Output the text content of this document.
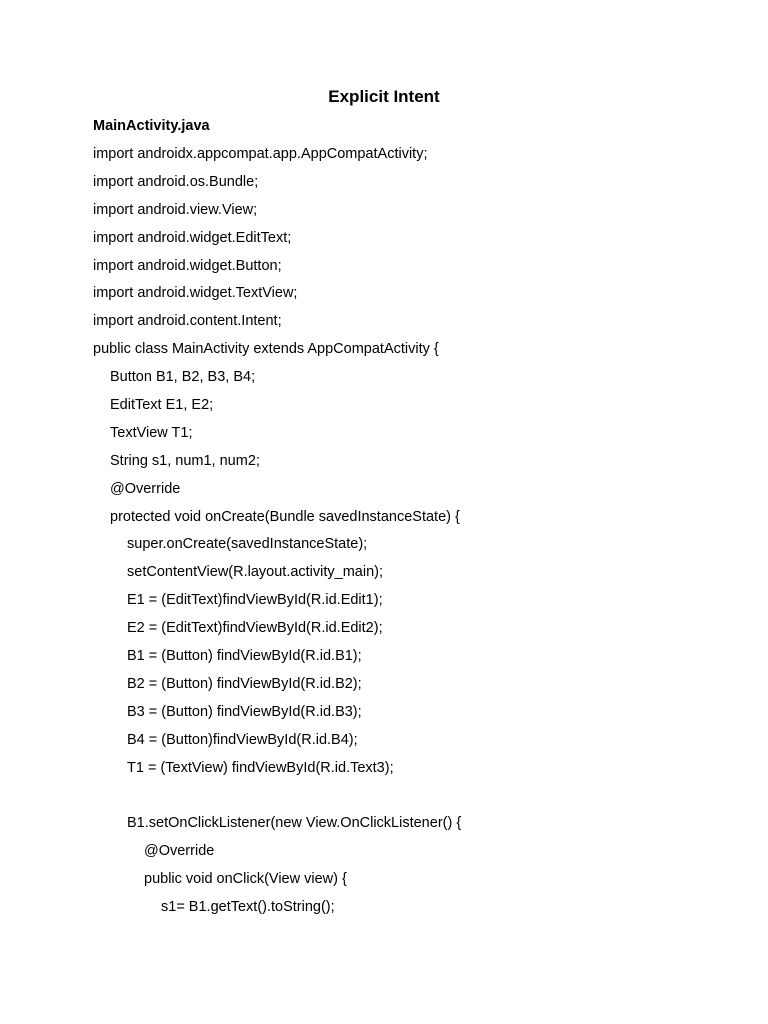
Explicit Intent
MainActivity.java
import androidx.appcompat.app.AppCompatActivity;
import android.os.Bundle;
import android.view.View;
import android.widget.EditText;
import android.widget.Button;
import android.widget.TextView;
import android.content.Intent;
public class MainActivity extends AppCompatActivity {
Button B1, B2, B3, B4;
EditText E1, E2;
TextView T1;
String s1, num1, num2;
@Override
protected void onCreate(Bundle savedInstanceState) {
super.onCreate(savedInstanceState);
setContentView(R.layout.activity_main);
E1 = (EditText)findViewById(R.id.Edit1);
E2 = (EditText)findViewById(R.id.Edit2);
B1 = (Button) findViewById(R.id.B1);
B2 = (Button) findViewById(R.id.B2);
B3 = (Button) findViewById(R.id.B3);
B4 = (Button)findViewById(R.id.B4);
T1 = (TextView) findViewById(R.id.Text3);
B1.setOnClickListener(new View.OnClickListener() {
@Override
public void onClick(View view) {
s1= B1.getText().toString();
